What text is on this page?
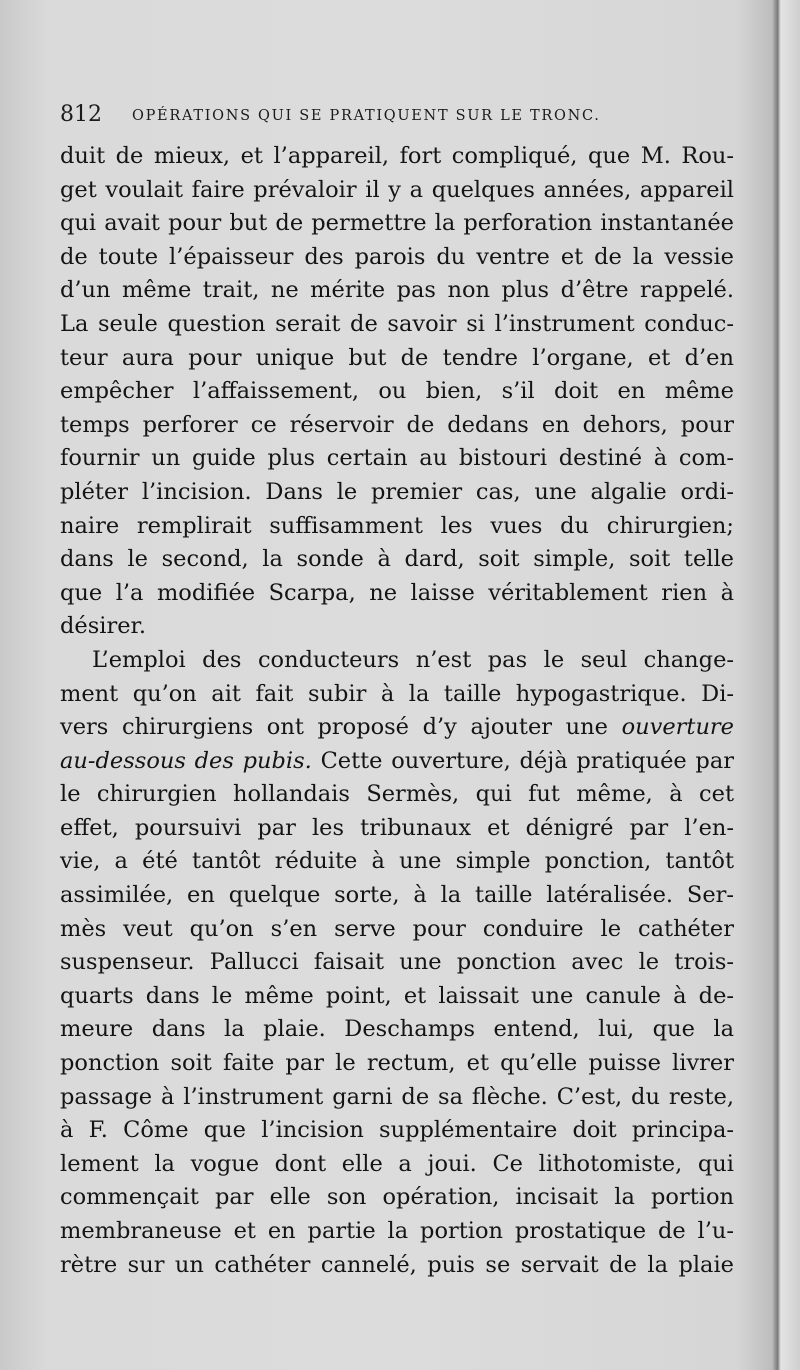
812 OPÉRATIONS QUI SE PRATIQUENT SUR LE TRONC.
duit de mieux, et l’appareil, fort compliqué, que M. Rou-
get voulait faire prévaloir il y a quelques années, appareil
qui avait pour but de permettre la perforation instantanée
de toute l’épaisseur des parois du ventre et de la vessie
d’un même trait, ne mérite pas non plus d’être rappelé.
La seule question serait de savoir si l’instrument conduc-
teur aura pour unique but de tendre l’organe, et d’en
empêcher l’affaissement, ou bien, s’il doit en même
temps perforer ce réservoir de dedans en dehors, pour
fournir un guide plus certain au bistouri destiné à com-
pléter l’incision. Dans le premier cas, une algalie ordi-
naire remplirait suffisamment les vues du chirurgien;
dans le second, la sonde à dard, soit simple, soit telle
que l’a modifiée Scarpa, ne laisse véritablement rien à
désirer.
L’emploi des conducteurs n’est pas le seul change-
ment qu’on ait fait subir à la taille hypogastrique. Di-
vers chirurgiens ont proposé d’y ajouter une ouverture
au-dessous des pubis. Cette ouverture, déjà pratiquée par
le chirurgien hollandais Sermès, qui fut même, à cet
effet, poursuivi par les tribunaux et dénigré par l’en-
vie, a été tantôt réduite à une simple ponction, tantôt
assimilée, en quelque sorte, à la taille latéralisée. Ser-
mès veut qu’on s’en serve pour conduire le cathéter
suspenseur. Pallucci faisait une ponction avec le trois-
quarts dans le même point, et laissait une canule à de-
meure dans la plaie. Deschamps entend, lui, que la
ponction soit faite par le rectum, et qu’elle puisse livrer
passage à l’instrument garni de sa flèche. C’est, du reste,
à F. Côme que l’incision supplémentaire doit principa-
lement la vogue dont elle a joui. Ce lithotomiste, qui
commençait par elle son opération, incisait la portion
membraneuse et en partie la portion prostatique de l’u-
rètre sur un cathéter cannelé, puis se servait de la plaie
